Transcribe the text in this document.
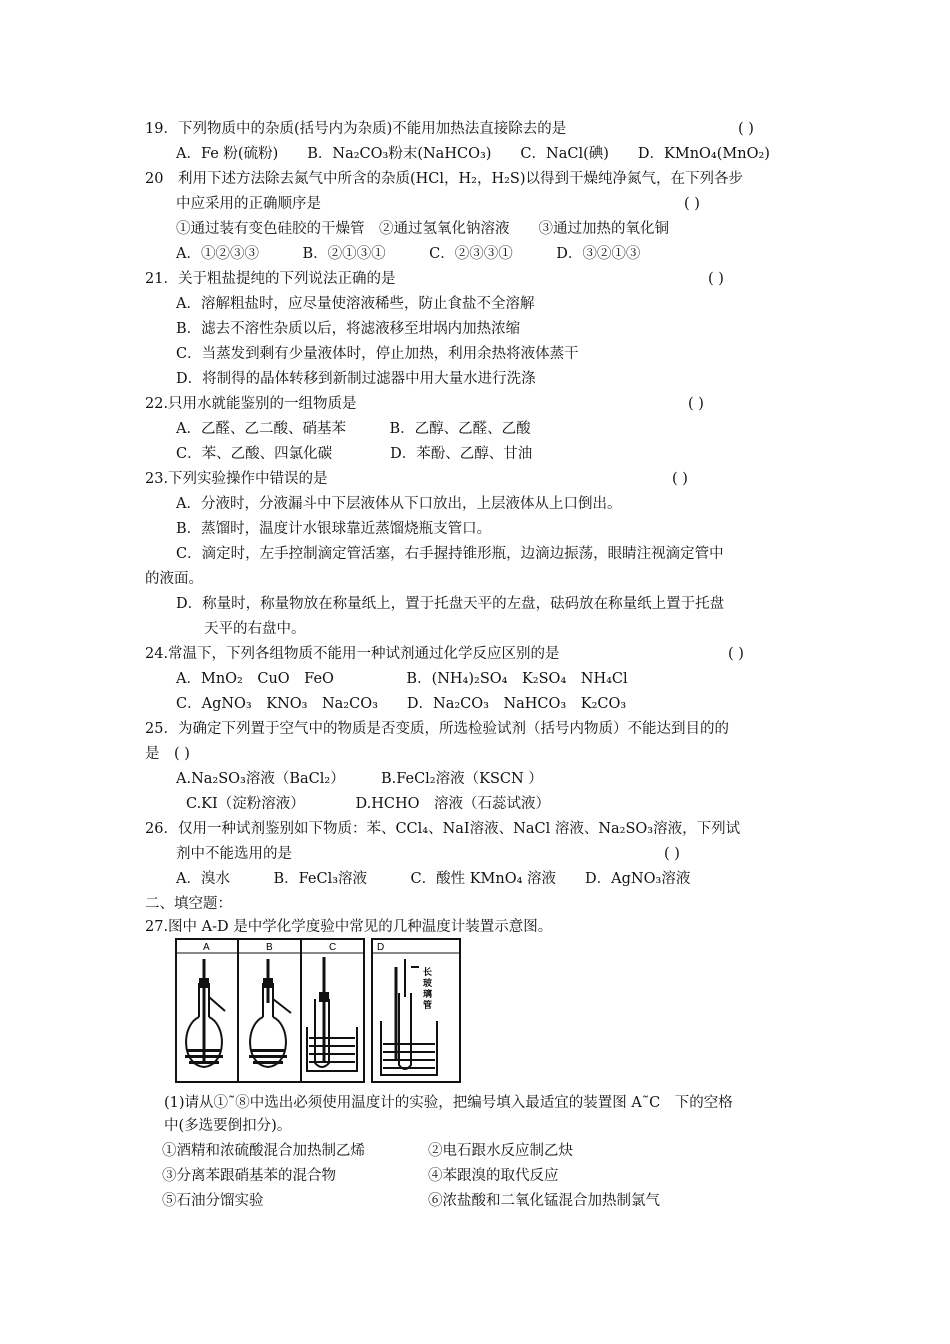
19．下列物质中的杂质(括号内为杂质)不能用加热法直接除去的是	( )
A．Fe 粉(硫粉)　　B．Na₂CO₃粉末(NaHCO₃)　　C．NaCl(碘)　　D．KMnO₄(MnO₂)
20　利用下述方法除去氮气中所含的杂质(HCl，H₂，H₂S)以得到干燥纯净氮气，在下列各步
中应采用的正确顺序是	( )
①通过装有变色硅胶的干燥管　②通过氢氧化钠溶液　　③通过加热的氧化铜
A．①②③③　　　B．②①③①　　　C．②③③①　　　D．③②①③
21．关于粗盐提纯的下列说法正确的是	( )
A．溶解粗盐时，应尽量使溶液稀些，防止食盐不全溶解
B．滤去不溶性杂质以后，将滤液移至坩埚内加热浓缩
C．当蒸发到剩有少量液体时，停止加热，利用余热将液体蒸干
D．将制得的晶体转移到新制过滤器中用大量水进行洗涤
22.只用水就能鉴别的一组物质是	( )
A．乙醛、乙二酸、硝基苯　　　B．乙醇、乙醛、乙酸
C．苯、乙酸、四氯化碳　　　　D．苯酚、乙醇、甘油
23.下列实验操作中错误的是	( )
A．分液时，分液漏斗中下层液体从下口放出，上层液体从上口倒出。
B．蒸馏时，温度计水银球靠近蒸馏烧瓶支管口。
C．滴定时，左手控制滴定管活塞，右手握持锥形瓶，边滴边振荡，眼睛注视滴定管中
的液面。
D．称量时，称量物放在称量纸上，置于托盘天平的左盘，砝码放在称量纸上置于托盘
天平的右盘中。
24.常温下，下列各组物质不能用一种试剂通过化学反应区别的是	( )
A．MnO₂　CuO　FeO　　　　　B．(NH₄)₂SO₄　K₂SO₄　NH₄Cl
C．AgNO₃　KNO₃　Na₂CO₃　　D．Na₂CO₃　NaHCO₃　K₂CO₃
25．为确定下列置于空气中的物质是否变质，所选检验试剂（括号内物质）不能达到目的的
是　( )
A.Na₂SO₃溶液（BaCl₂）　　　B.FeCl₂溶液（KSCN ）
C.KI（淀粉溶液）　　　　D.HCHO　溶液（石蕊试液）
26．仅用一种试剂鉴别如下物质：苯、CCl₄、NaI溶液、NaCl 溶液、Na₂SO₃溶液，下列试
剂中不能选用的是	( )
A．溴水　　　B．FeCl₃溶液　　　C．酸性 KMnO₄ 溶液　　D．AgNO₃溶液
二、填空题：
27.图中 A-D 是中学化学度验中常见的几种温度计装置示意图。
A	B	C	D
长
玻
璃
管
(1)请从①˜⑧中选出必须使用温度计的实验，把编号填入最适宜的装置图 A˜C　下的空格
中(多选要倒扣分)。
①酒精和浓硫酸混合加热制乙烯	②电石跟水反应制乙炔
③分离苯跟硝基苯的混合物	④苯跟溴的取代反应
⑤石油分馏实验	⑥浓盐酸和二氧化锰混合加热制氯气
